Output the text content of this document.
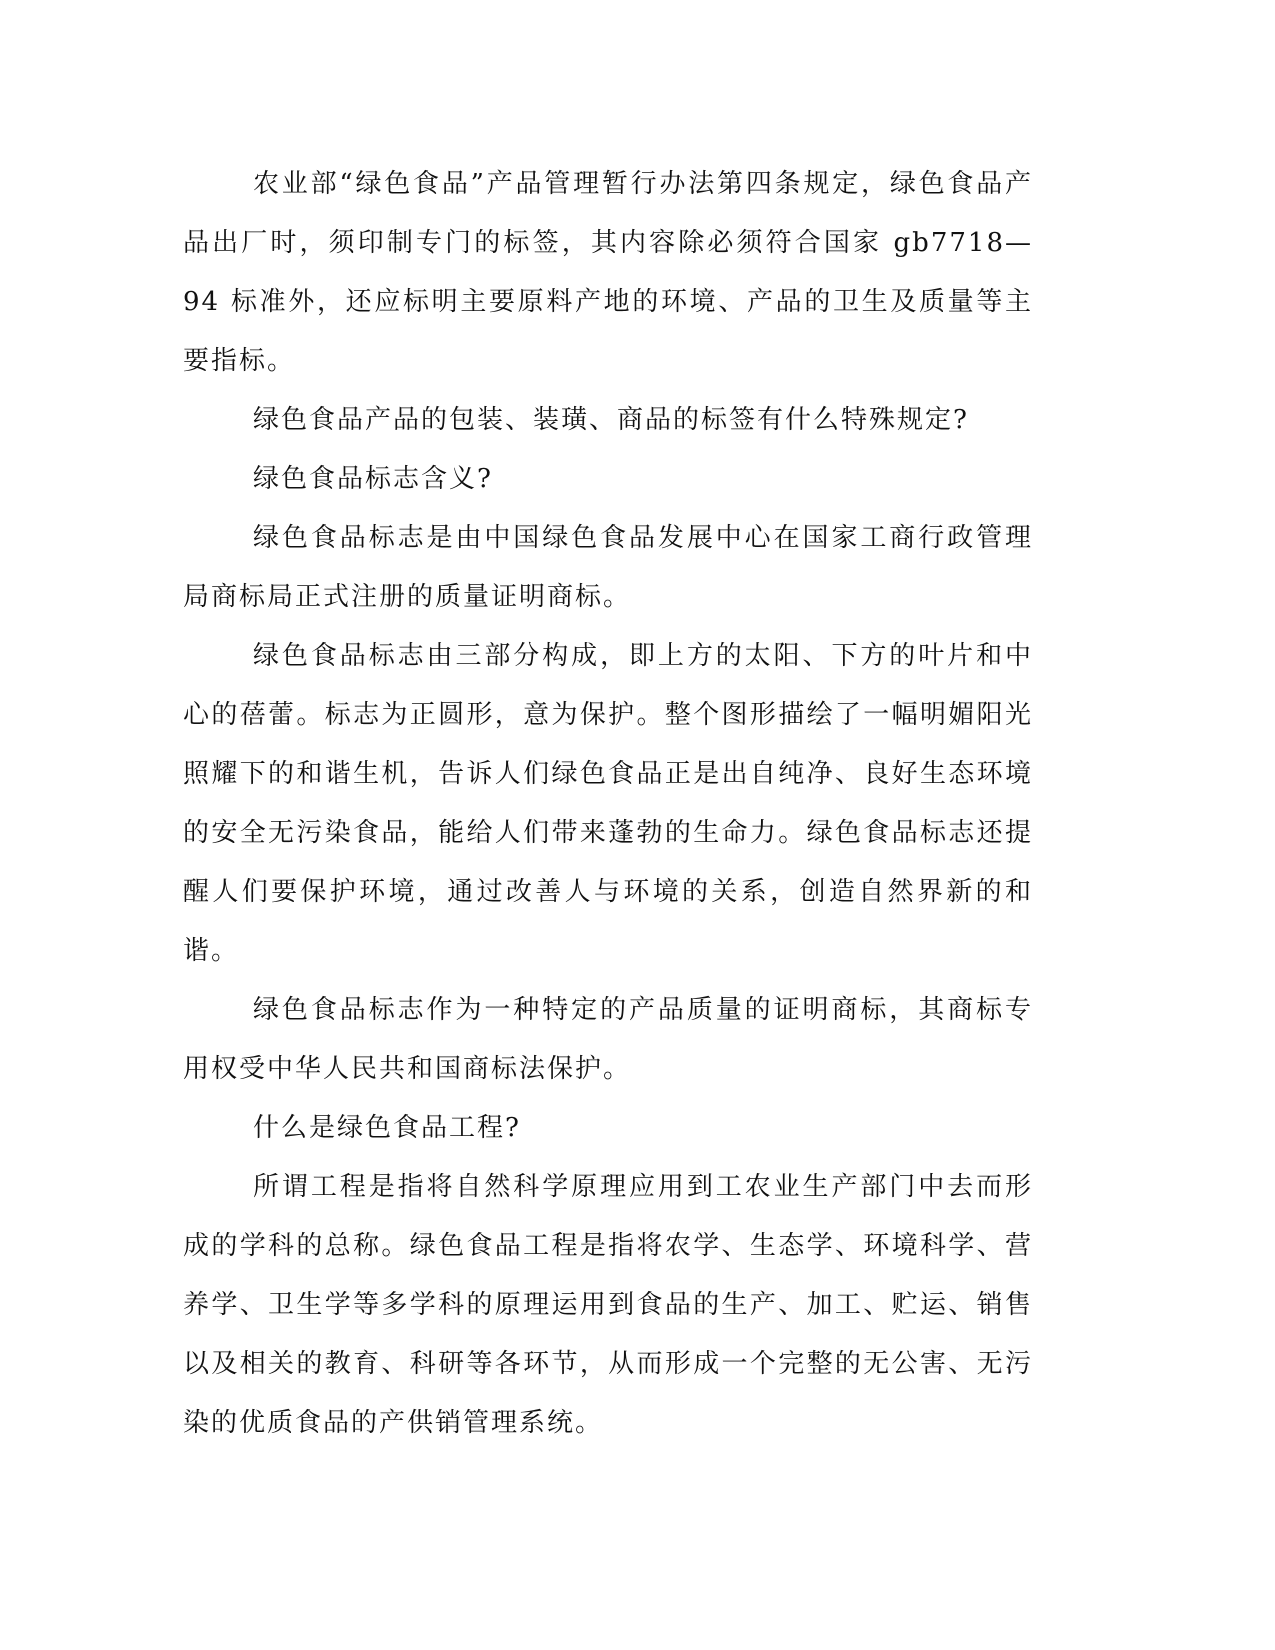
农业部“绿色食品”产品管理暂行办法第四条规定，绿色食品产品出厂时，须印制专门的标签，其内容除必须符合国家 gb7718—94 标准外，还应标明主要原料产地的环境、产品的卫生及质量等主要指标。

绿色食品产品的包装、装璜、商品的标签有什么特殊规定?

绿色食品标志含义?

绿色食品标志是由中国绿色食品发展中心在国家工商行政管理局商标局正式注册的质量证明商标。

绿色食品标志由三部分构成，即上方的太阳、下方的叶片和中心的蓓蕾。标志为正圆形，意为保护。整个图形描绘了一幅明媚阳光照耀下的和谐生机，告诉人们绿色食品正是出自纯净、良好生态环境的安全无污染食品，能给人们带来蓬勃的生命力。绿色食品标志还提醒人们要保护环境，通过改善人与环境的关系，创造自然界新的和谐。

绿色食品标志作为一种特定的产品质量的证明商标，其商标专用权受中华人民共和国商标法保护。

什么是绿色食品工程?

所谓工程是指将自然科学原理应用到工农业生产部门中去而形成的学科的总称。绿色食品工程是指将农学、生态学、环境科学、营养学、卫生学等多学科的原理运用到食品的生产、加工、贮运、销售以及相关的教育、科研等各环节，从而形成一个完整的无公害、无污染的优质食品的产供销管理系统。
